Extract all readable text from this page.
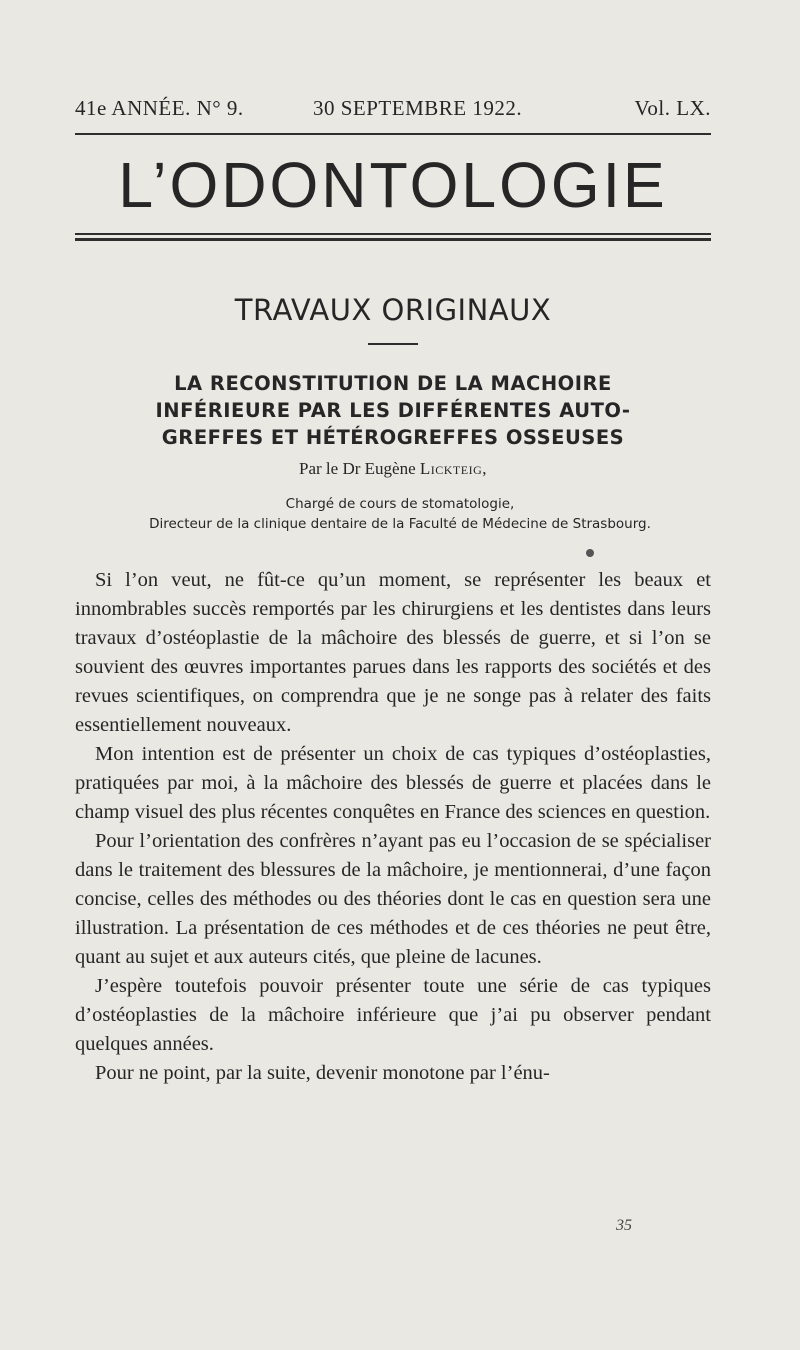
41e ANNÉE. N° 9.	30 SEPTEMBRE 1922.	Vol. LX.
L’ODONTOLOGIE
TRAVAUX ORIGINAUX
LA RECONSTITUTION DE LA MACHOIRE
INFÉRIEURE PAR LES DIFFÉRENTES AUTO-
GREFFES ET HÉTÉROGREFFES OSSEUSES
Par le Dr Eugène Lickteig,
Chargé de cours de stomatologie,
Directeur de la clinique dentaire de la Faculté de Médecine de Strasbourg.

Si l’on veut, ne fût-ce qu’un moment, se représenter les beaux et innombrables succès remportés par les chirurgiens et les dentistes dans leurs travaux d’ostéoplastie de la mâchoire des blessés de guerre, et si l’on se souvient des œuvres importantes parues dans les rapports des sociétés et des revues scientifiques, on comprendra que je ne songe pas à relater des faits essentiellement nouveaux.

Mon intention est de présenter un choix de cas typiques d’ostéoplasties, pratiquées par moi, à la mâchoire des blessés de guerre et placées dans le champ visuel des plus récentes conquêtes en France des sciences en question.

Pour l’orientation des confrères n’ayant pas eu l’occasion de se spécialiser dans le traitement des blessures de la mâchoire, je mentionnerai, d’une façon concise, celles des méthodes ou des théories dont le cas en question sera une illustration. La présentation de ces méthodes et de ces théories ne peut être, quant au sujet et aux auteurs cités, que pleine de lacunes.

J’espère toutefois pouvoir présenter toute une série de cas typiques d’ostéoplasties de la mâchoire inférieure que j’ai pu observer pendant quelques années.

Pour ne point, par la suite, devenir monotone par l’énu-

35
